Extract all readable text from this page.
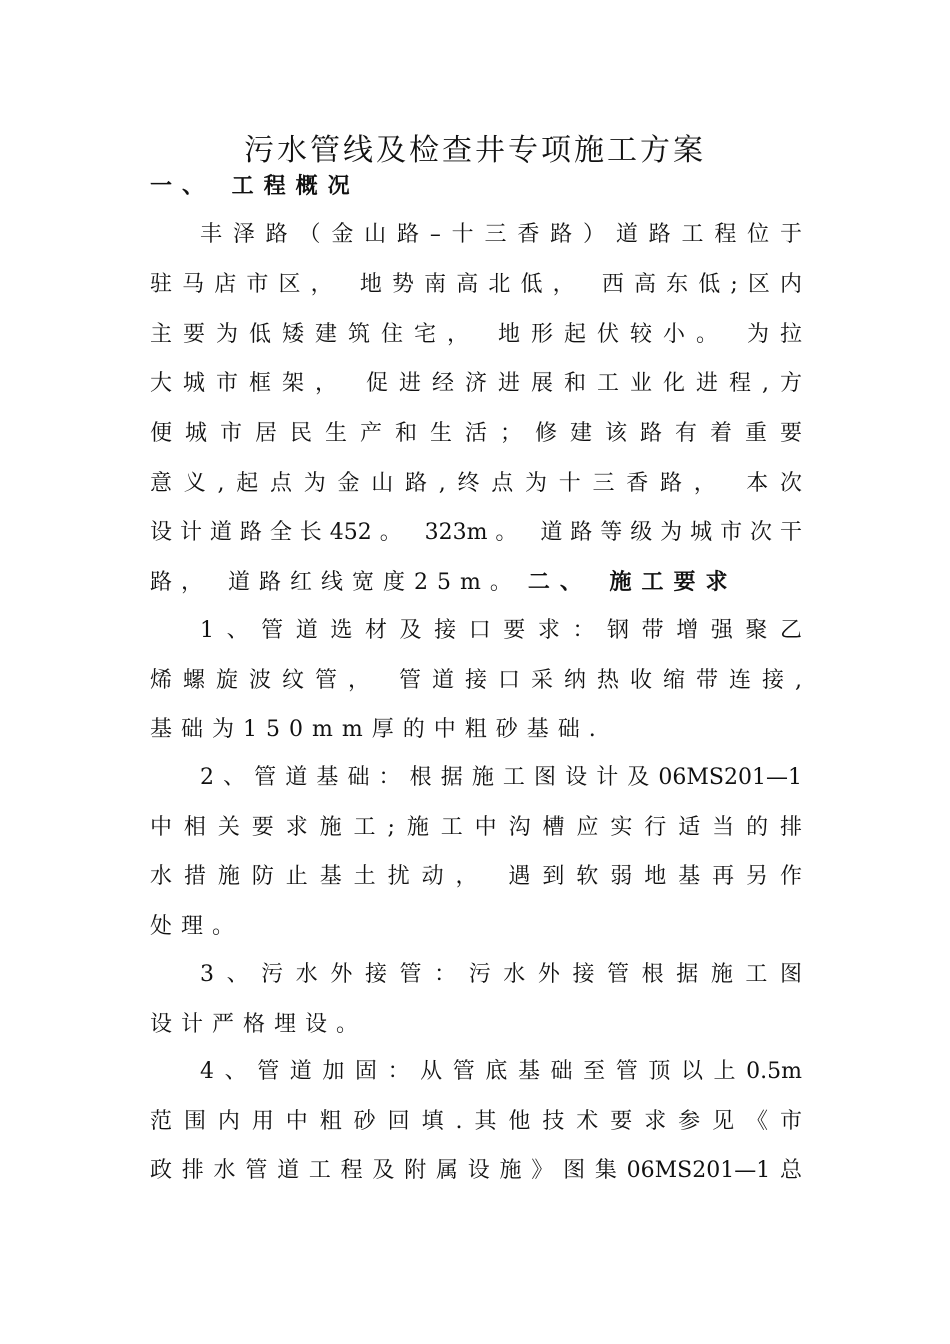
污水管线及检查井专项施工方案
一、 工程概况
丰泽路（金山路–十三香路）道路工程位于
驻马店市区， 地势南高北低， 西高东低;区内
主要为低矮建筑住宅， 地形起伏较小。 为拉
大城市框架， 促进经济进展和工业化进程,方
便城市居民生产和生活；修建该路有着重要
意义,起点为金山路,终点为十三香路， 本次
设计道路全长452。 323m。 道路等级为城市次干
路， 道路红线宽度25m。 二、 施工要求
1、管道选材及接口要求：钢带增强聚乙
烯螺旋波纹管， 管道接口采纳热收缩带连接,
基础为150mm厚的中粗砂基础.
2、管道基础：根据施工图设计及06MS201—1
中相关要求施工;施工中沟槽应实行适当的排
水措施防止基土扰动， 遇到软弱地基再另作
处理。
3、污水外接管：污水外接管根据施工图
设计严格埋设。
4、管道加固：从管底基础至管顶以上0.5m
范围内用中粗砂回填.其他技术要求参见《市
政排水管道工程及附属设施》图集06MS201—1总
